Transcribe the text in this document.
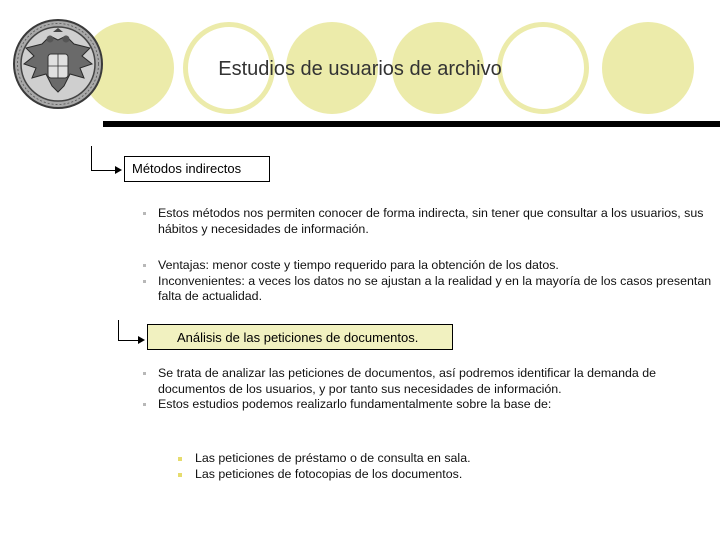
Estudios de usuarios de archivo
Métodos indirectos
Estos métodos nos permiten conocer de forma indirecta, sin tener que consultar a los usuarios, sus hábitos y necesidades de información.
Ventajas: menor coste y tiempo requerido para la obtención de los datos.
Inconvenientes: a veces los datos no se ajustan a la realidad y en la mayoría de los casos presentan falta de actualidad.
Análisis de las peticiones de documentos.
Se trata de analizar las peticiones de documentos, así podremos identificar la demanda de documentos de los usuarios, y por tanto sus necesidades de información.
Estos estudios podemos realizarlo fundamentalmente sobre la base de:
Las peticiones de préstamo o de consulta en sala.
Las peticiones de fotocopias de los documentos.
